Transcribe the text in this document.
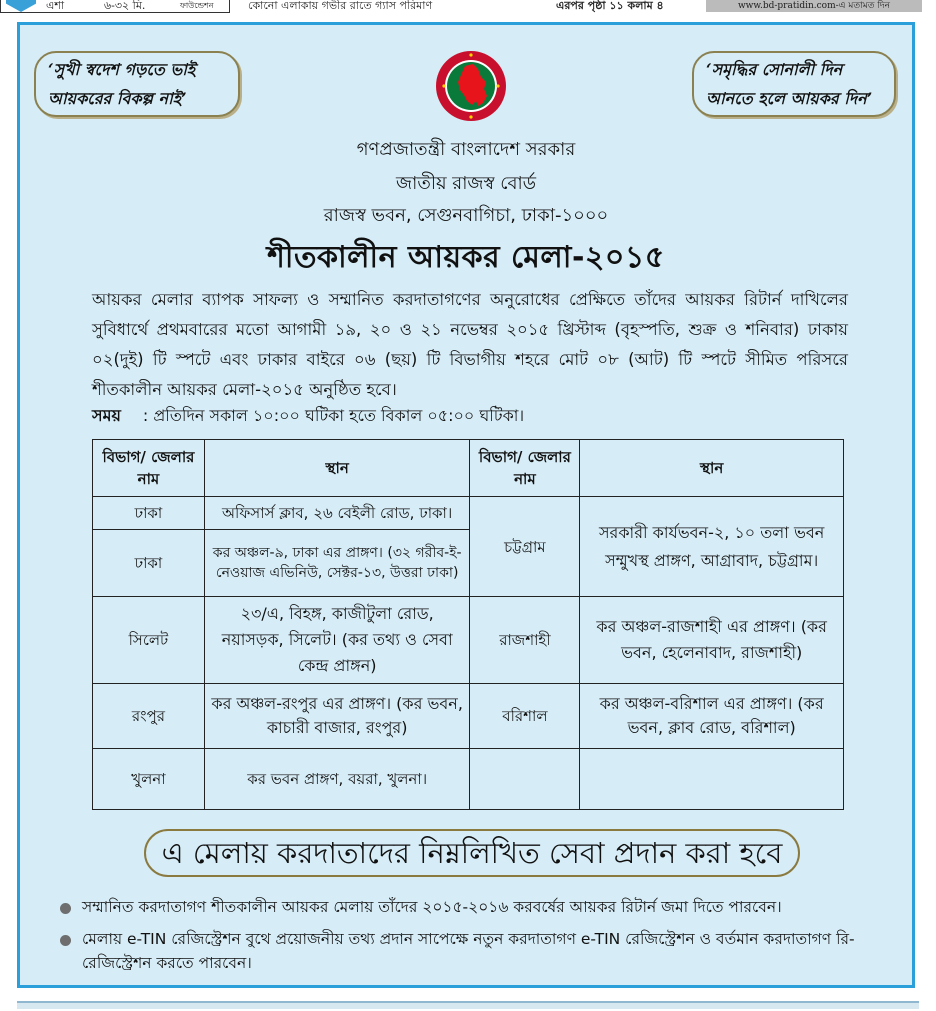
এশা	৬-৩২ মি.	ফাউন্ডেশন	কোনো এলাকায় গভীর রাতে গ্যাস পরিমাণ	এরপর পৃষ্ঠা ১১ কলাম ৪	www.bd-pratidin.com-এ মতামত দিন
‘সুখী স্বদেশ গড়তে ভাই
আয়করের বিকল্প নাই’
‘সমৃদ্ধির সোনালী দিন
আনতে হলে আয়কর দিন’
গণপ্রজাতন্ত্রী বাংলাদেশ সরকার
জাতীয় রাজস্ব বোর্ড
রাজস্ব ভবন, সেগুনবাগিচা, ঢাকা-১০০০
শীতকালীন আয়কর মেলা-২০১৫
আয়কর মেলার ব্যাপক সাফল্য ও সম্মানিত করদাতাগণের অনুরোধের প্রেক্ষিতে তাঁদের আয়কর রিটার্ন দাখিলের সুবিধার্থে প্রথমবারের মতো আগামী ১৯, ২০ ও ২১ নভেম্বর ২০১৫ খ্রিস্টাব্দ (বৃহস্পতি, শুক্র ও শনিবার) ঢাকায় ০২(দুই) টি স্পটে এবং ঢাকার বাইরে ০৬ (ছয়) টি বিভাগীয় শহরে মোট ০৮ (আট) টি স্পটে সীমিত পরিসরে শীতকালীন আয়কর মেলা-২০১৫ অনুষ্ঠিত হবে।
সময় : প্রতিদিন সকাল ১০:০০ ঘটিকা হতে বিকাল ০৫:০০ ঘটিকা।
বিভাগ/ জেলার নাম	স্থান	বিভাগ/ জেলার নাম	স্থান
ঢাকা	অফিসার্স ক্লাব, ২৬ বেইলী রোড, ঢাকা।	চট্টগ্রাম	সরকারী কার্যভবন-২, ১০ তলা ভবন সম্মুখস্থ প্রাঙ্গণ, আগ্রাবাদ, চট্টগ্রাম।
ঢাকা	কর অঞ্চল-৯, ঢাকা এর প্রাঙ্গণ। (৩২ গরীব-ই-নেওয়াজ এভিনিউ, সেক্টর-১৩, উত্তরা ঢাকা)		
সিলেট	২৩/এ, বিহঙ্গ, কাজীটুলা রোড, নয়াসড়ক, সিলেট। (কর তথ্য ও সেবা কেন্দ্র প্রাঙ্গন)	রাজশাহী	কর অঞ্চল-রাজশাহী এর প্রাঙ্গণ। (কর ভবন, হেলেনাবাদ, রাজশাহী)
রংপুর	কর অঞ্চল-রংপুর এর প্রাঙ্গণ। (কর ভবন, কাচারী বাজার, রংপুর)	বরিশাল	কর অঞ্চল-বরিশাল এর প্রাঙ্গণ। (কর ভবন, ক্লাব রোড, বরিশাল)
খুলনা	কর ভবন প্রাঙ্গণ, বয়রা, খুলনা।		
এ মেলায় করদাতাদের নিম্নলিখিত সেবা প্রদান করা হবে
সম্মানিত করদাতাগণ শীতকালীন আয়কর মেলায় তাঁদের ২০১৫-২০১৬ করবর্ষের আয়কর রিটার্ন জমা দিতে পারবেন।
মেলায় e-TIN রেজিস্ট্রেশন বুথে প্রয়োজনীয় তথ্য প্রদান সাপেক্ষে নতুন করদাতাগণ e-TIN রেজিস্ট্রেশন ও বর্তমান করদাতাগণ রি-রেজিস্ট্রেশন করতে পারবেন।
